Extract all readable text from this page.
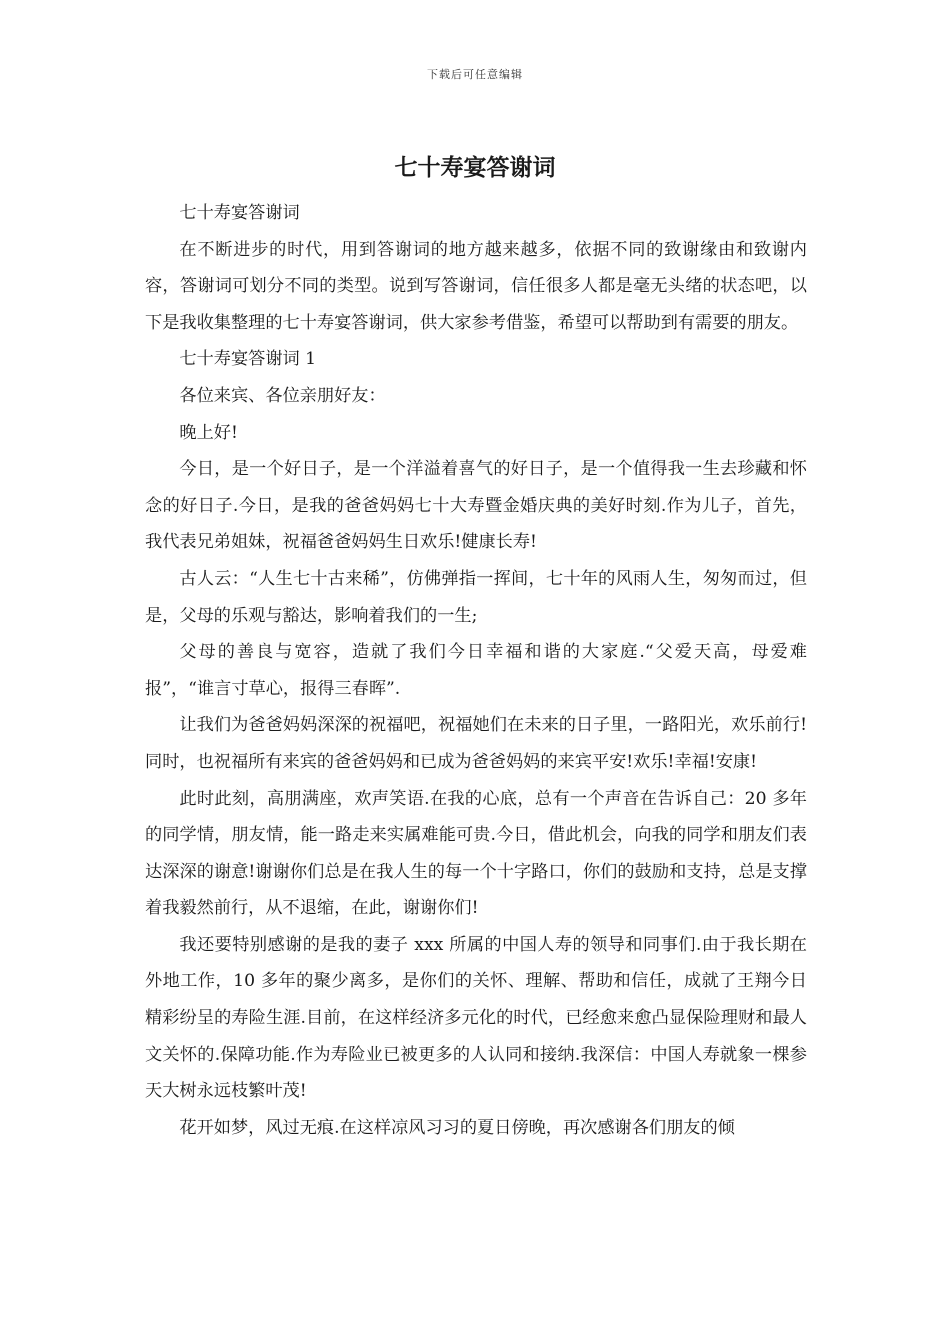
下载后可任意编辑
七十寿宴答谢词

七十寿宴答谢词

在不断进步的时代，用到答谢词的地方越来越多，依据不同的致谢缘由和致谢内容，答谢词可划分不同的类型。说到写答谢词，信任很多人都是毫无头绪的状态吧，以下是我收集整理的七十寿宴答谢词，供大家参考借鉴，希望可以帮助到有需要的朋友。

七十寿宴答谢词 1

各位来宾、各位亲朋好友：

晚上好!

今日，是一个好日子，是一个洋溢着喜气的好日子，是一个值得我一生去珍藏和怀念的好日子.今日，是我的爸爸妈妈七十大寿暨金婚庆典的美好时刻.作为儿子，首先，我代表兄弟姐妹，祝福爸爸妈妈生日欢乐!健康长寿!

古人云：“人生七十古来稀”，仿佛弹指一挥间，七十年的风雨人生，匆匆而过，但是，父母的乐观与豁达，影响着我们的一生;

父母的善良与宽容，造就了我们今日幸福和谐的大家庭.“父爱天高，母爱难报”，“谁言寸草心，报得三春晖”.

让我们为爸爸妈妈深深的祝福吧，祝福她们在未来的日子里，一路阳光，欢乐前行!同时，也祝福所有来宾的爸爸妈妈和已成为爸爸妈妈的来宾平安!欢乐!幸福!安康!

此时此刻，高朋满座，欢声笑语.在我的心底，总有一个声音在告诉自己：20 多年的同学情，朋友情，能一路走来实属难能可贵.今日，借此机会，向我的同学和朋友们表达深深的谢意!谢谢你们总是在我人生的每一个十字路口，你们的鼓励和支持，总是支撑着我毅然前行，从不退缩，在此，谢谢你们!

我还要特别感谢的是我的妻子 xxx 所属的中国人寿的领导和同事们.由于我长期在外地工作，10 多年的聚少离多，是你们的关怀、理解、帮助和信任，成就了王翔今日精彩纷呈的寿险生涯.目前，在这样经济多元化的时代，已经愈来愈凸显保险理财和最人文关怀的.保障功能.作为寿险业已被更多的人认同和接纳.我深信：中国人寿就象一棵参天大树永远枝繁叶茂!

花开如梦，风过无痕.在这样凉风习习的夏日傍晚，再次感谢各们朋友的倾
